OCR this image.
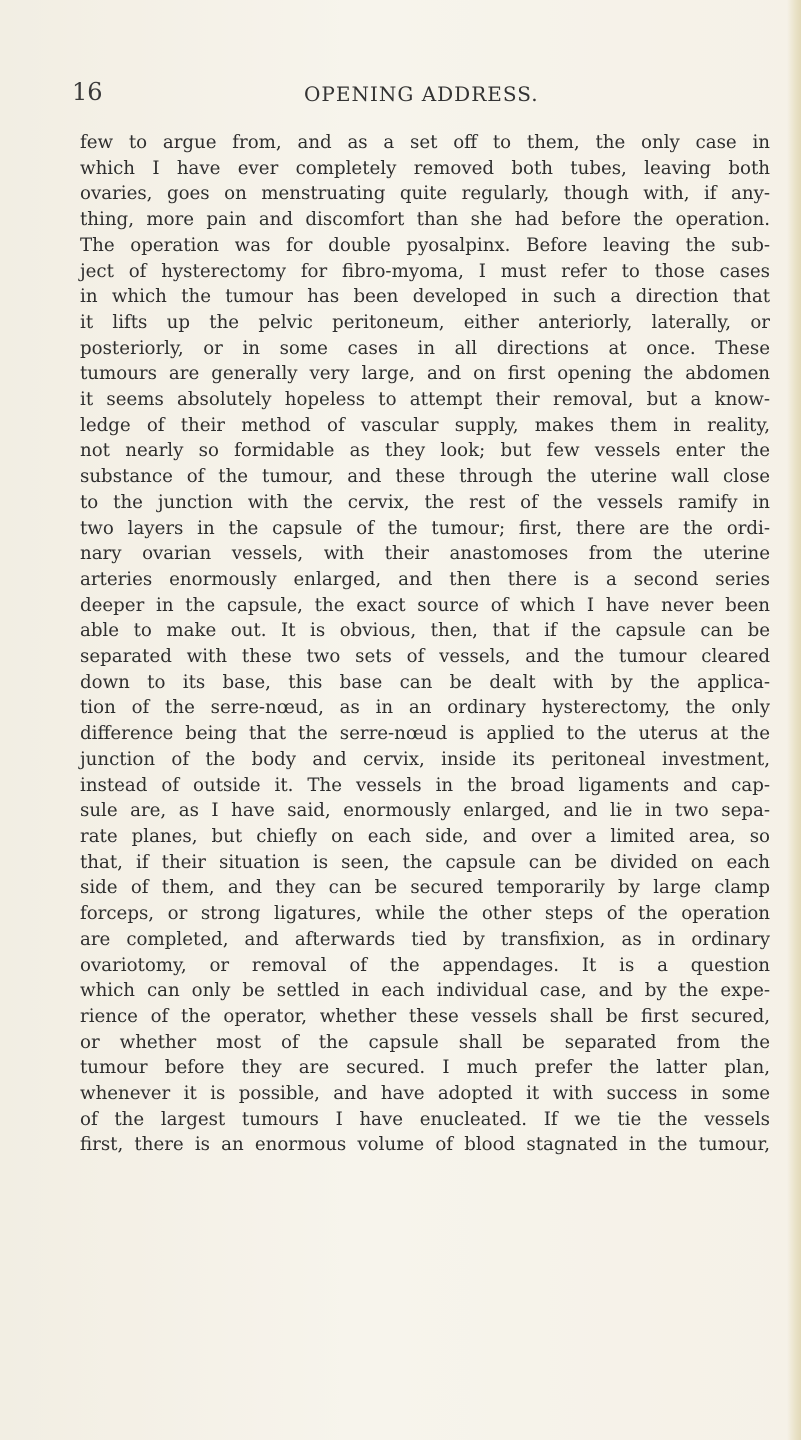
16	OPENING ADDRESS.

few to argue from, and as a set off to them, the only case in
which I have ever completely removed both tubes, leaving both
ovaries, goes on menstruating quite regularly, though with, if any-
thing, more pain and discomfort than she had before the operation.
The operation was for double pyosalpinx. Before leaving the sub-
ject of hysterectomy for fibro-myoma, I must refer to those cases
in which the tumour has been developed in such a direction that
it lifts up the pelvic peritoneum, either anteriorly, laterally, or
posteriorly, or in some cases in all directions at once. These
tumours are generally very large, and on first opening the abdomen
it seems absolutely hopeless to attempt their removal, but a know-
ledge of their method of vascular supply, makes them in reality,
not nearly so formidable as they look; but few vessels enter the
substance of the tumour, and these through the uterine wall close
to the junction with the cervix, the rest of the vessels ramify in
two layers in the capsule of the tumour; first, there are the ordi-
nary ovarian vessels, with their anastomoses from the uterine
arteries enormously enlarged, and then there is a second series
deeper in the capsule, the exact source of which I have never been
able to make out. It is obvious, then, that if the capsule can be
separated with these two sets of vessels, and the tumour cleared
down to its base, this base can be dealt with by the applica-
tion of the serre-nœud, as in an ordinary hysterectomy, the only
difference being that the serre-nœud is applied to the uterus at the
junction of the body and cervix, inside its peritoneal investment,
instead of outside it. The vessels in the broad ligaments and cap-
sule are, as I have said, enormously enlarged, and lie in two sepa-
rate planes, but chiefly on each side, and over a limited area, so
that, if their situation is seen, the capsule can be divided on each
side of them, and they can be secured temporarily by large clamp
forceps, or strong ligatures, while the other steps of the operation
are completed, and afterwards tied by transfixion, as in ordinary
ovariotomy, or removal of the appendages. It is a question
which can only be settled in each individual case, and by the expe-
rience of the operator, whether these vessels shall be first secured,
or whether most of the capsule shall be separated from the
tumour before they are secured. I much prefer the latter plan,
whenever it is possible, and have adopted it with success in some
of the largest tumours I have enucleated. If we tie the vessels
first, there is an enormous volume of blood stagnated in the tumour,
